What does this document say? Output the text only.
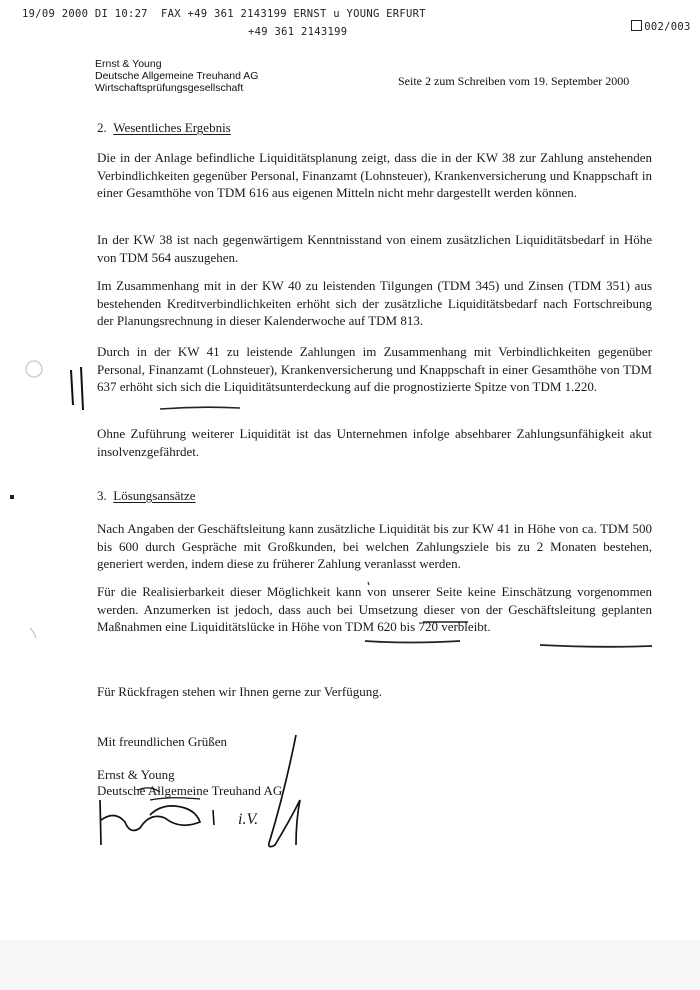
19/09 2000 DI 10:27  FAX +49 361 2143199 ERNST u YOUNG ERFURT

002/003

+49 361 2143199
Ernst & Young
Deutsche Allgemeine Treuhand AG
Wirtschaftsprüfungsgesellschaft	Seite 2 zum Schreiben vom 19. September 2000
2. Wesentliches Ergebnis
Die in der Anlage befindliche Liquiditätsplanung zeigt, dass die in der KW 38 zur Zahlung anstehenden Verbindlichkeiten gegenüber Personal, Finanzamt (Lohnsteuer), Krankenversicherung und Knappschaft in einer Gesamthöhe von TDM 616 aus eigenen Mitteln nicht mehr dargestellt werden können.
In der KW 38 ist nach gegenwärtigem Kenntnisstand von einem zusätzlichen Liquiditätsbedarf in Höhe von TDM 564 auszugehen.
Im Zusammenhang mit in der KW 40 zu leistenden Tilgungen (TDM 345) und Zinsen (TDM 351) aus bestehenden Kreditverbindlichkeiten erhöht sich der zusätzliche Liquiditätsbedarf nach Fortschreibung der Planungsrechnung in dieser Kalenderwoche auf TDM 813.
Durch in der KW 41 zu leistende Zahlungen im Zusammenhang mit Verbindlichkeiten gegenüber Personal, Finanzamt (Lohnsteuer), Krankenversicherung und Knappschaft in einer Gesamthöhe von TDM 637 erhöht sich sich die Liquiditätsunterdeckung auf die prognostizierte Spitze von TDM 1.220.
Ohne Zuführung weiterer Liquidität ist das Unternehmen infolge absehbarer Zahlungsunfähigkeit akut insolvenzgefährdet.
3. Lösungsansätze
Nach Angaben der Geschäftsleitung kann zusätzliche Liquidität bis zur KW 41 in Höhe von ca. TDM 500 bis 600 durch Gespräche mit Großkunden, bei welchen Zahlungsziele bis zu 2 Monaten bestehen, generiert werden, indem diese zu früherer Zahlung veranlasst werden.
Für die Realisierbarkeit dieser Möglichkeit kann von unserer Seite keine Einschätzung vorgenommen werden. Anzumerken ist jedoch, dass auch bei Umsetzung dieser von der Geschäftsleitung geplanten Maßnahmen eine Liquiditätslücke in Höhe von TDM 620 bis 720 verbleibt.
Für Rückfragen stehen wir Ihnen gerne zur Verfügung.
Mit freundlichen Grüßen
Ernst & Young
Deutsche Allgemeine Treuhand AG
i.V.
